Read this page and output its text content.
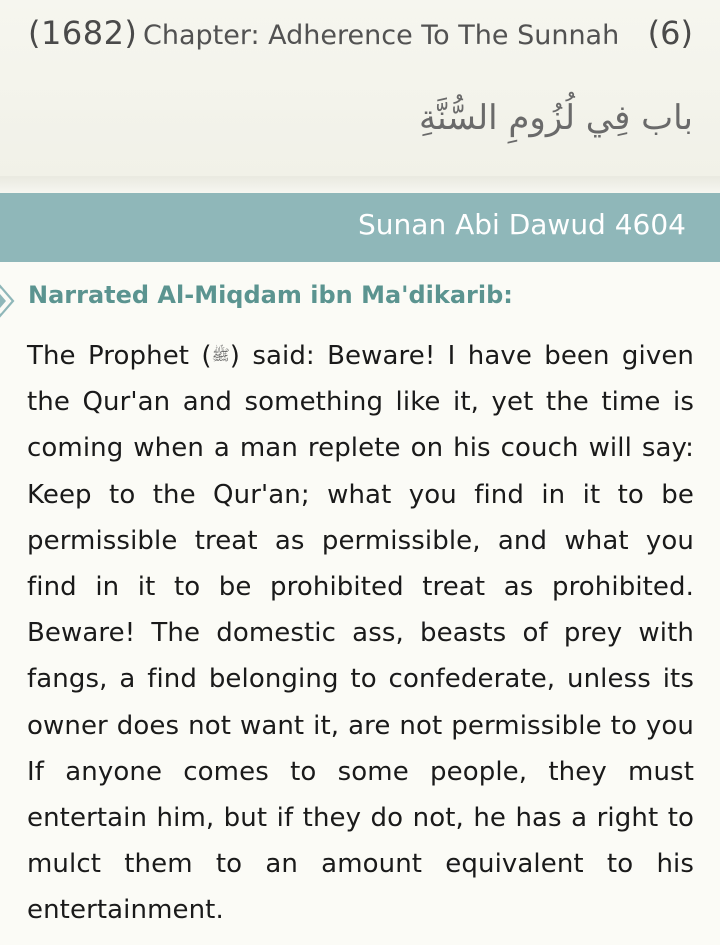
(1682) Chapter: Adherence To The Sunnah (6)
باب فِي لُزُومِ السُّنَّةِ
Sunan Abi Dawud 4604
Narrated Al-Miqdam ibn Ma'dikarib:

The Prophet (ﷺ) said: Beware! I have been given the Qur'an and something like it, yet the time is coming when a man replete on his couch will say: Keep to the Qur'an; what you find in it to be permissible treat as permissible, and what you find in it to be prohibited treat as prohibited. Beware! The domestic ass, beasts of prey with fangs, a find belonging to confederate, unless its owner does not want it, are not permissible to you If anyone comes to some people, they must entertain him, but if they do not, he has a right to mulct them to an amount equivalent to his entertainment.
